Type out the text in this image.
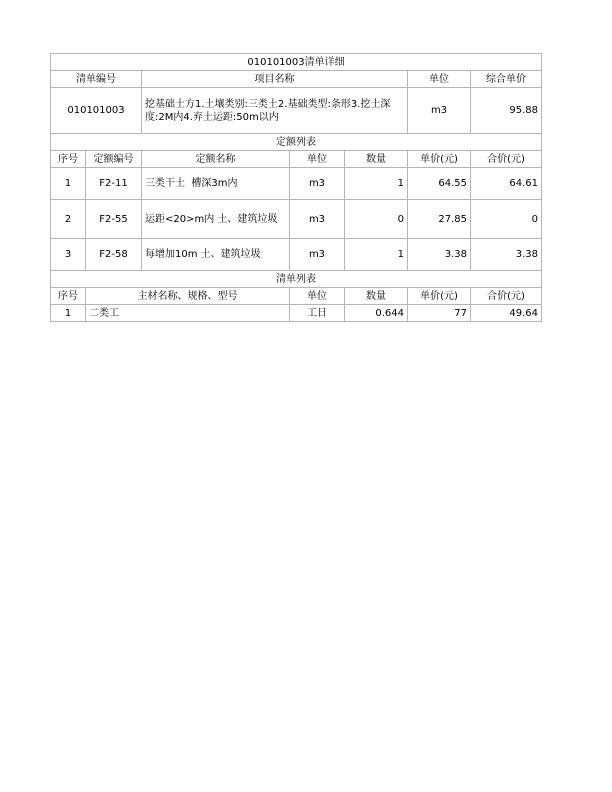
010101003清单详细						
清单编号		项目名称			单位	综合单价
010101003		挖基础土方1.土壤类别:三类土2.基础类型:条形3.挖土深度:2M内4.弃土运距:50m以内			m3	95.88
定额列表						
序号	定额编号	定额名称	单位	数量	单价(元)	合价(元)
1	F2-11	三类干土  槽深3m内	m3	1	64.55	64.61
2	F2-55	运距<20>m内 土、建筑垃圾	m3	0	27.85	0
3	F2-58	每增加10m 土、建筑垃圾	m3	1	3.38	3.38
清单列表						
序号	主材名称、规格、型号		单位	数量	单价(元)	合价(元)
1	二类工		工日	0.644	77	49.64
